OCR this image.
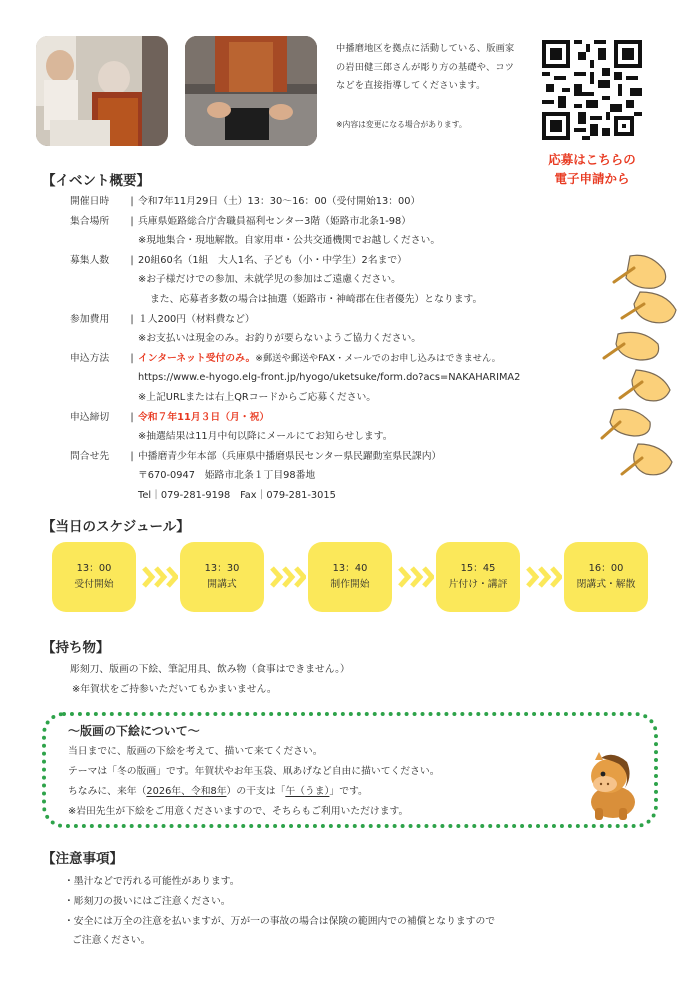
中播磨地区を拠点に活動している、版画家の岩田健三郎さんが彫り方の基礎や、コツなどを直接指導してくださいます。
※内容は変更になる場合があります。
応募はこちらの
電子申請から
【イベント概要】
開催日時	| 令和7年11月29日（土）13：30～16：00（受付開始13：00）
集合場所	| 兵庫県姫路総合庁舎職員福利センター3階（姫路市北条1-98）
※現地集合・現地解散。自家用車・公共交通機関でお越しください。
募集人数	| 20組60名（1組　大人1名、子ども（小・中学生）2名まで）
※お子様だけでの参加、未就学児の参加はご遠慮ください。
また、応募者多数の場合は抽選（姫路市・神崎郡在住者優先）となります。
参加費用	| １人200円（材料費など）
※お支払いは現金のみ。お釣りが要らないようご協力ください。
申込方法	| インターネット受付のみ。※郵送や郵送やFAX・メールでのお申し込みはできません。
https://www.e-hyogo.elg-front.jp/hyogo/uketsuke/form.do?acs=NAKAHARIMA2
※上記URLまたは右上QRコードからご応募ください。
申込締切	| 令和７年11月３日（月・祝）
※抽選結果は11月中旬以降にメールにてお知らせします。
問合せ先	| 中播磨青少年本部（兵庫県中播磨県民センター県民躍動室県民課内）
〒670-0947　姫路市北条１丁目98番地
Tel｜079-281-9198　Fax｜079-281-3015
【当日のスケジュール】
13：00
受付開始
13：30
開講式
13：40
制作開始
15：45
片付け・講評
16：00
閉講式・解散
【持ち物】
彫刻刀、版画の下絵、筆記用具、飲み物（食事はできません。）
※年賀状をご持参いただいてもかまいません。
～版画の下絵について～
当日までに、版画の下絵を考えて、描いて来てください。
テーマは「冬の版画」です。年賀状やお年玉袋、凧あげなど自由に描いてください。
ちなみに、来年（2026年、令和8年）の干支は「午（うま）」です。
※岩田先生が下絵をご用意くださいますので、そちらもご利用いただけます。
【注意事項】
・墨汁などで汚れる可能性があります。
・彫刻刀の扱いにはご注意ください。
・安全には万全の注意を払いますが、万が一の事故の場合は保険の範囲内での補償となりますので
ご注意ください。
